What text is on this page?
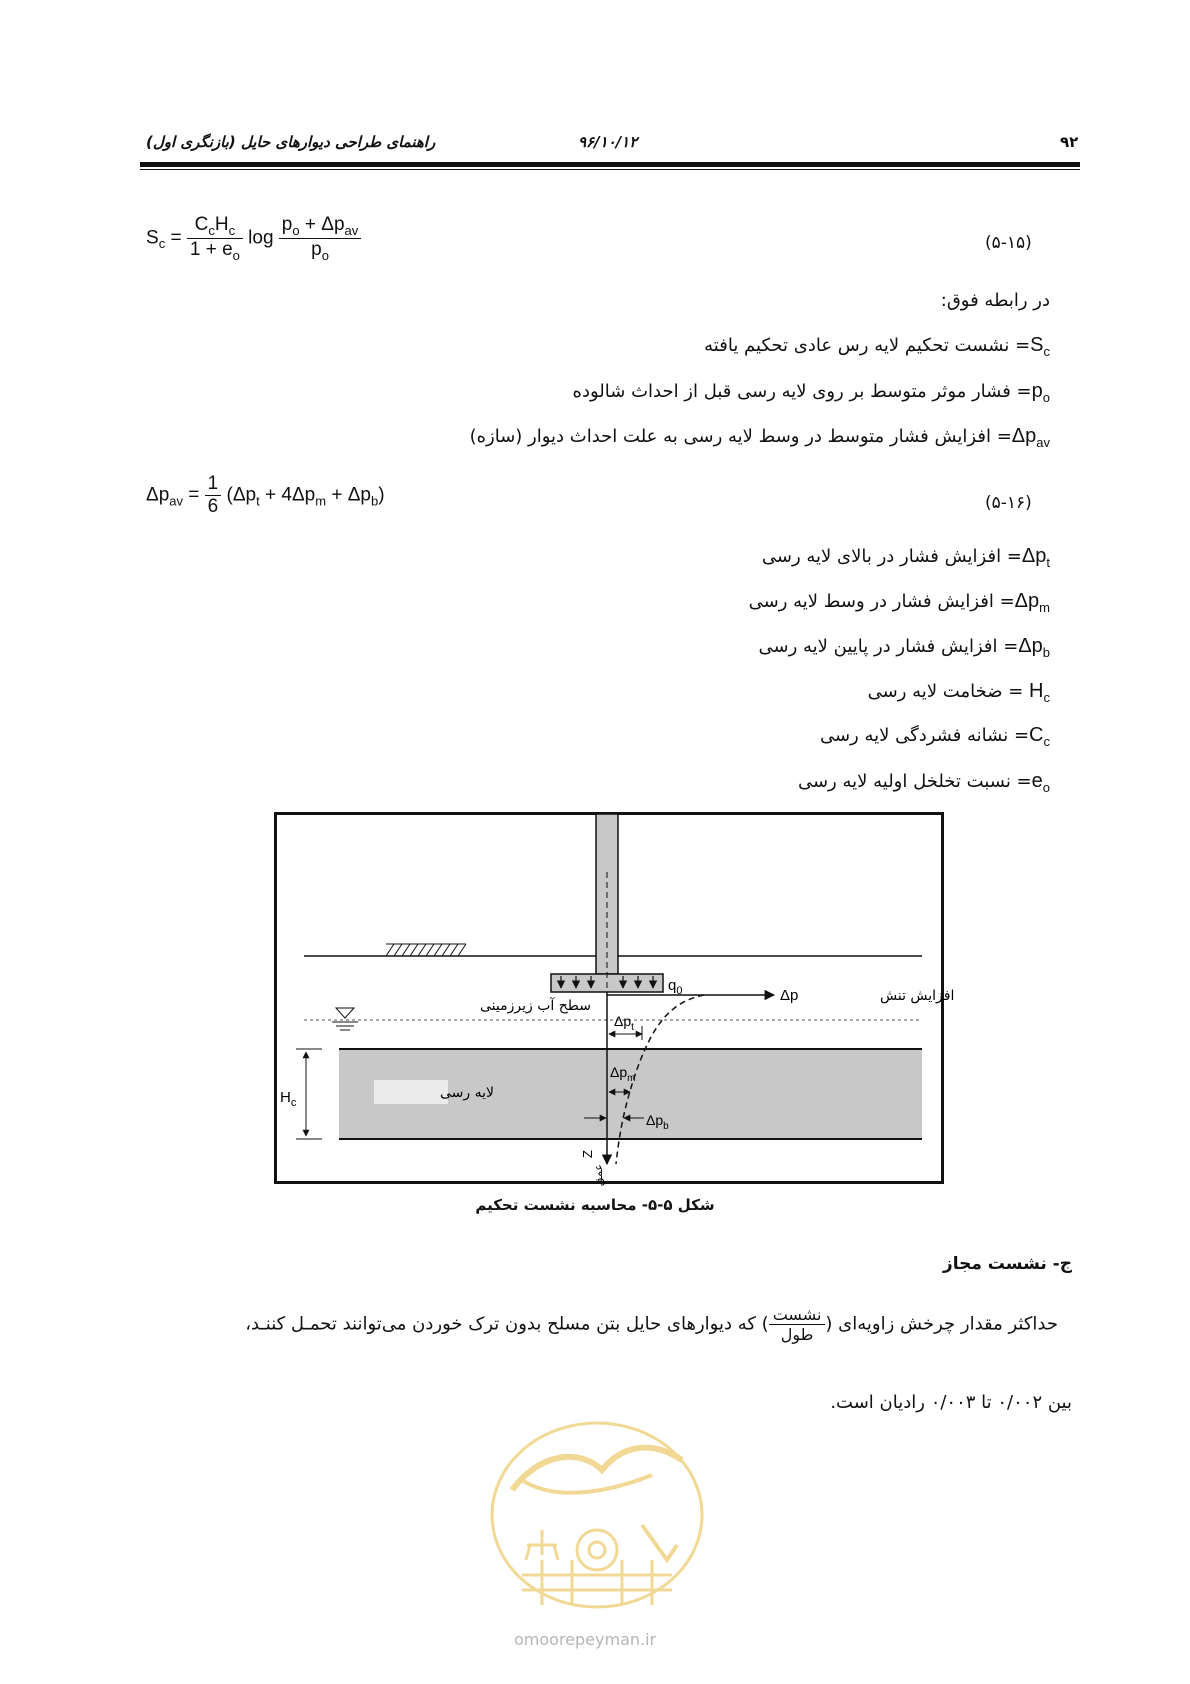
۹۲
۹۶/۱۰/۱۲
راهنمای طراحی دیوارهای حایل (بازنگری اول)
$S_c = \frac{C_cH_c}{1 + e_o}$ $\log \frac{p_o + \Delta p_{av}}{p_o}$	(۵-۱۵)
در رابطه فوق:
$S_c=$ نشست تحکیم لایه رس عادی تحکیم یافته
$p_o=$ فشار موثر متوسط بر روی لایه رسی قبل از احداث شالوده
$\Delta p_{av}=$ افزایش فشار متوسط در وسط لایه رسی به علت احداث دیوار (سازه)
$\Delta p_{av} = \frac{1}{6} (\Delta p_t + 4\Delta p_m + \Delta p_b)$	(۵-۱۶)
$\Delta p_t=$ افزایش فشار در بالای لایه رسی
$\Delta p_m=$ افزایش فشار در وسط لایه رسی
$\Delta p_b=$ افزایش فشار در پایین لایه رسی
$H_c$ = ضخامت لایه رسی
$C_c=$ نشانه فشردگی لایه رسی
$e_o=$ نسبت تخلخل اولیه لایه رسی
$q_0$	Δp	افزایش تنش
سطح آب زیرزمینی
لایه رسی
$H_c$
$\Delta p_t$
$\Delta p_m$
$\Delta p_b$
Z
عمق
شکل ۵-۵- محاسبه نشست تحکیم
ج- نشست مجاز
حداکثر مقدار چرخش زاویه‌ای (
نشست
طول
) که دیوارهای حایل بتن مسلح بدون ترک خوردن می‌توانند تحمـل کننـد،
بین ۰/۰۰۲ تا ۰/۰۰۳ رادیان است.
omoorepeyman.ir
